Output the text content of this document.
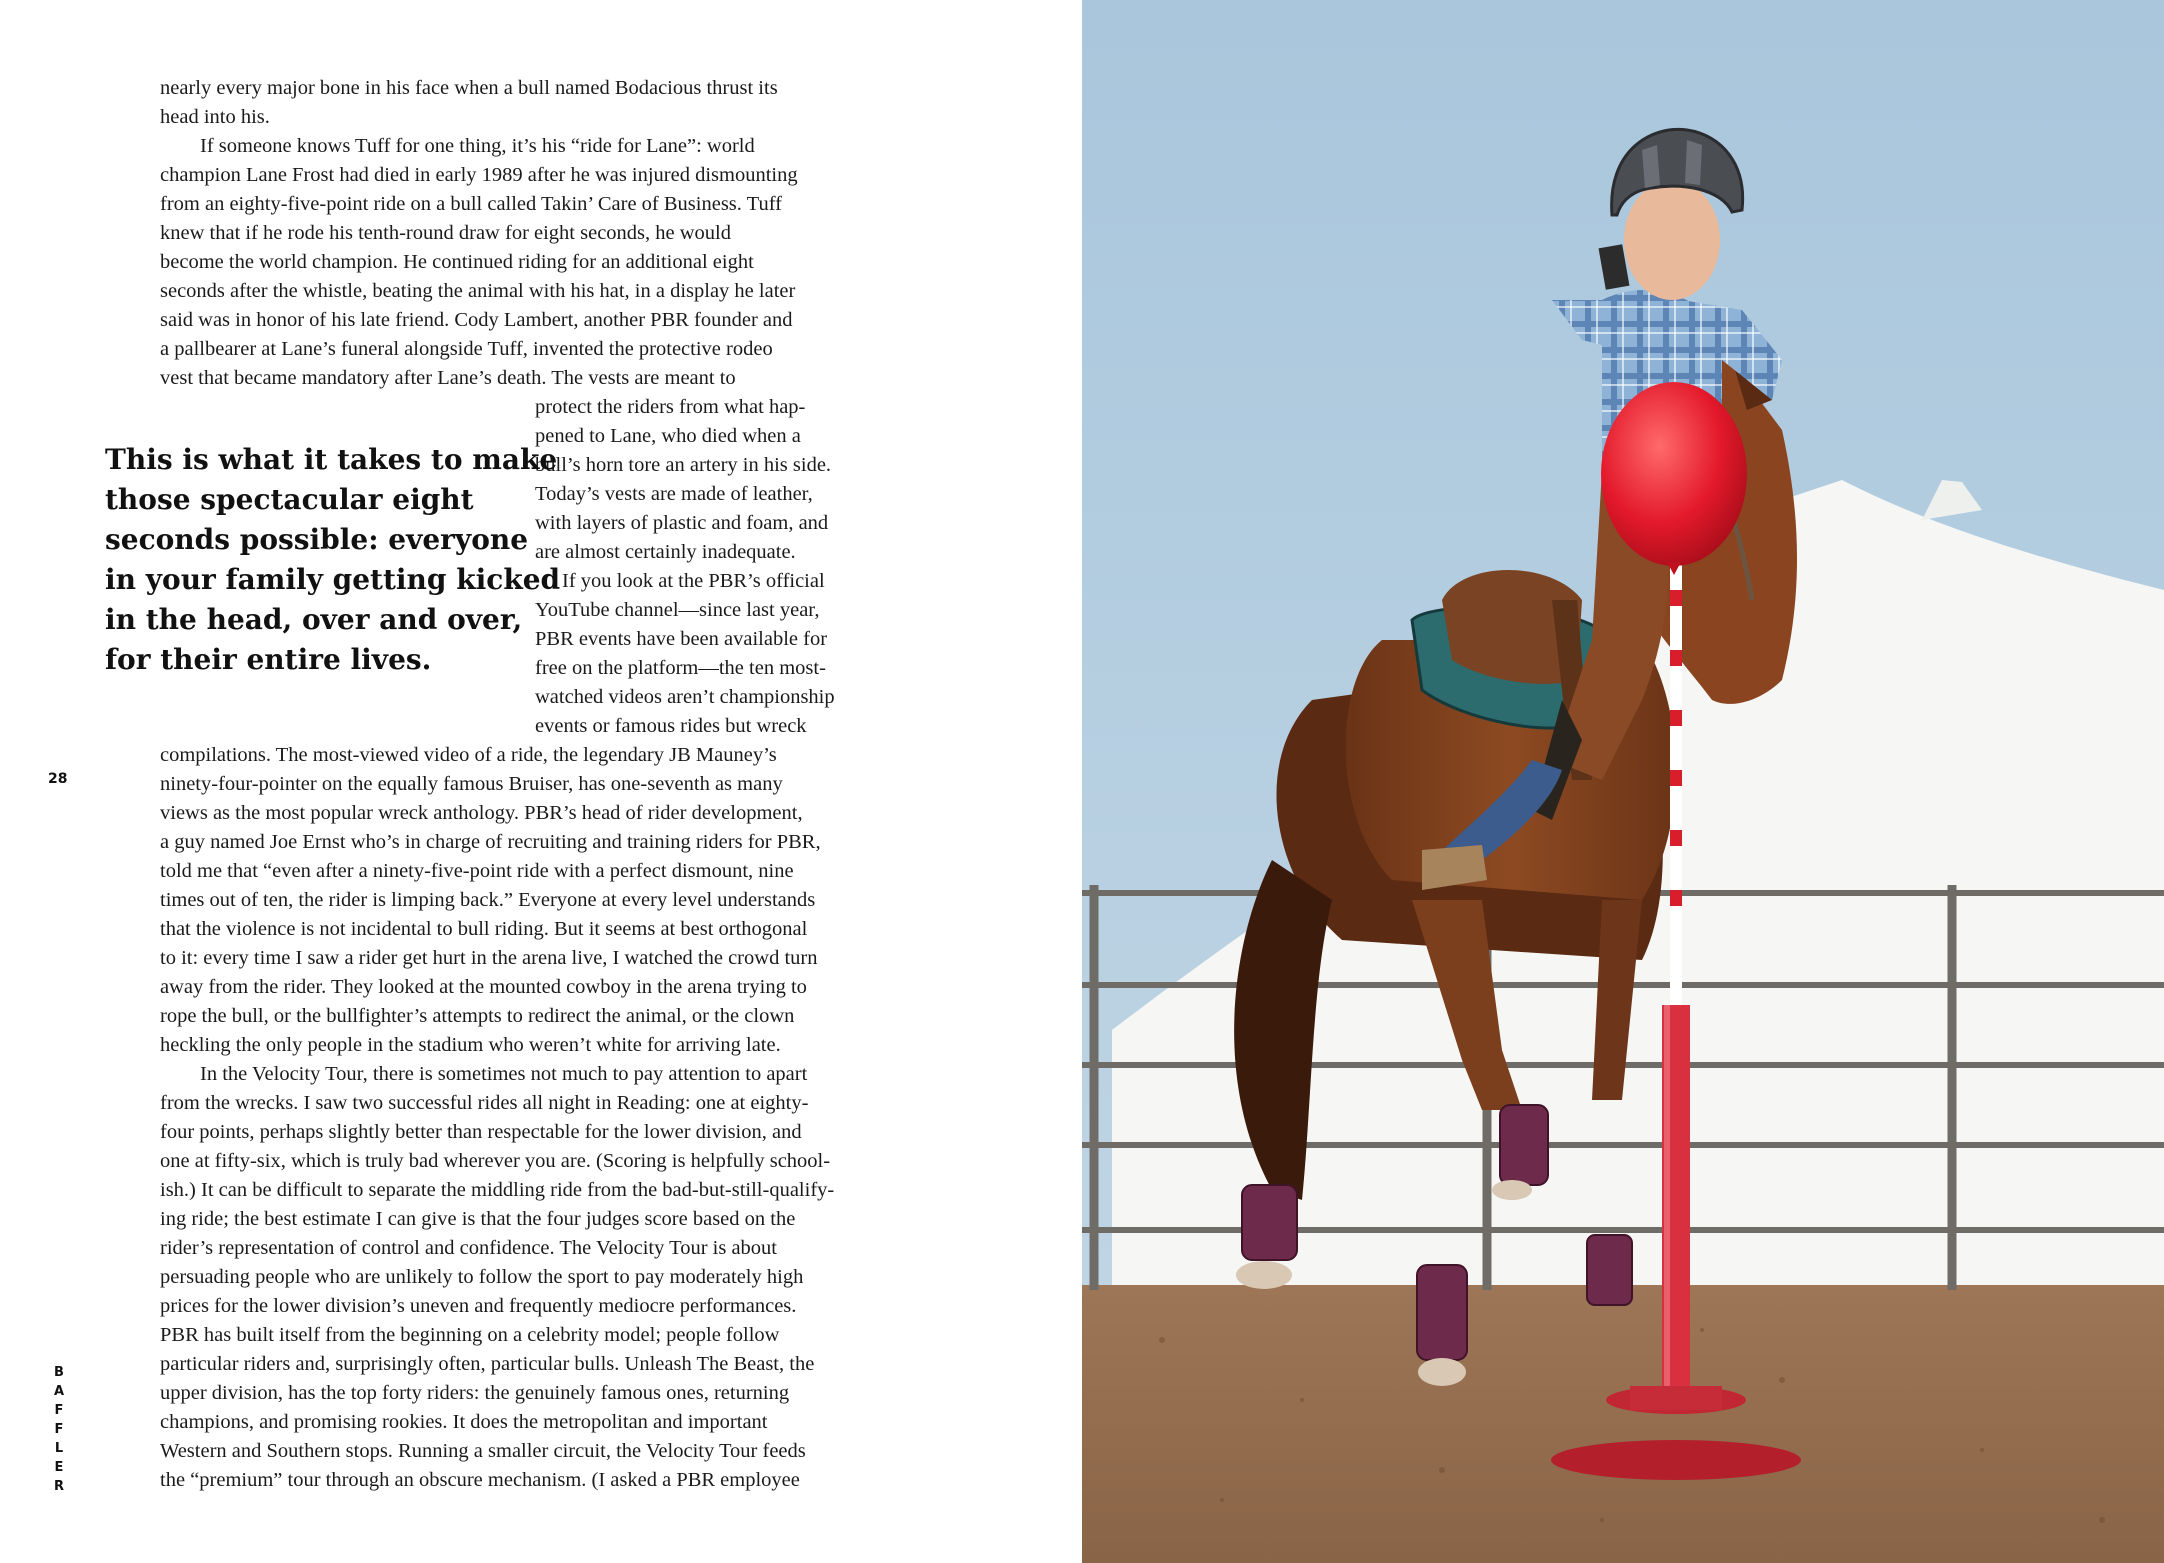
nearly every major bone in his face when a bull named Bodacious thrust its
head into his.
If someone knows Tuff for one thing, it’s his “ride for Lane”: world
champion Lane Frost had died in early 1989 after he was injured dismounting
from an eighty-five-point ride on a bull called Takin’ Care of Business. Tuff
knew that if he rode his tenth-round draw for eight seconds, he would
become the world champion. He continued riding for an additional eight
seconds after the whistle, beating the animal with his hat, in a display he later
said was in honor of his late friend. Cody Lambert, another PBR founder and
a pallbearer at Lane’s funeral alongside Tuff, invented the protective rodeo
vest that became mandatory after Lane’s death. The vests are meant to
protect the riders from what hap-
pened to Lane, who died when a
bull’s horn tore an artery in his side.
Today’s vests are made of leather,
with layers of plastic and foam, and
are almost certainly inadequate.
If you look at the PBR’s official
YouTube channel—since last year,
PBR events have been available for
free on the platform—the ten most-
watched videos aren’t championship
events or famous rides but wreck
compilations. The most-viewed video of a ride, the legendary JB Mauney’s
ninety-four-pointer on the equally famous Bruiser, has one-seventh as many
views as the most popular wreck anthology. PBR’s head of rider development,
a guy named Joe Ernst who’s in charge of recruiting and training riders for PBR,
told me that “even after a ninety-five-point ride with a perfect dismount, nine
times out of ten, the rider is limping back.” Everyone at every level understands
that the violence is not incidental to bull riding. But it seems at best orthogonal
to it: every time I saw a rider get hurt in the arena live, I watched the crowd turn
away from the rider. They looked at the mounted cowboy in the arena trying to
rope the bull, or the bullfighter’s attempts to redirect the animal, or the clown
heckling the only people in the stadium who weren’t white for arriving late.
In the Velocity Tour, there is sometimes not much to pay attention to apart
from the wrecks. I saw two successful rides all night in Reading: one at eighty-
four points, perhaps slightly better than respectable for the lower division, and
one at fifty-six, which is truly bad wherever you are. (Scoring is helpfully school-
ish.) It can be difficult to separate the middling ride from the bad-but-still-qualify-
ing ride; the best estimate I can give is that the four judges score based on the
rider’s representation of control and confidence. The Velocity Tour is about
persuading people who are unlikely to follow the sport to pay moderately high
prices for the lower division’s uneven and frequently mediocre performances.
PBR has built itself from the beginning on a celebrity model; people follow
particular riders and, surprisingly often, particular bulls. Unleash The Beast, the
upper division, has the top forty riders: the genuinely famous ones, returning
champions, and promising rookies. It does the metropolitan and important
Western and Southern stops. Running a smaller circuit, the Velocity Tour feeds
the “premium” tour through an obscure mechanism. (I asked a PBR employee
This is what it takes to make
those spectacular eight
seconds possible: everyone
in your family getting kicked
in the head, over and over,
for their entire lives.
28
B
A
F
F
L
E
R
